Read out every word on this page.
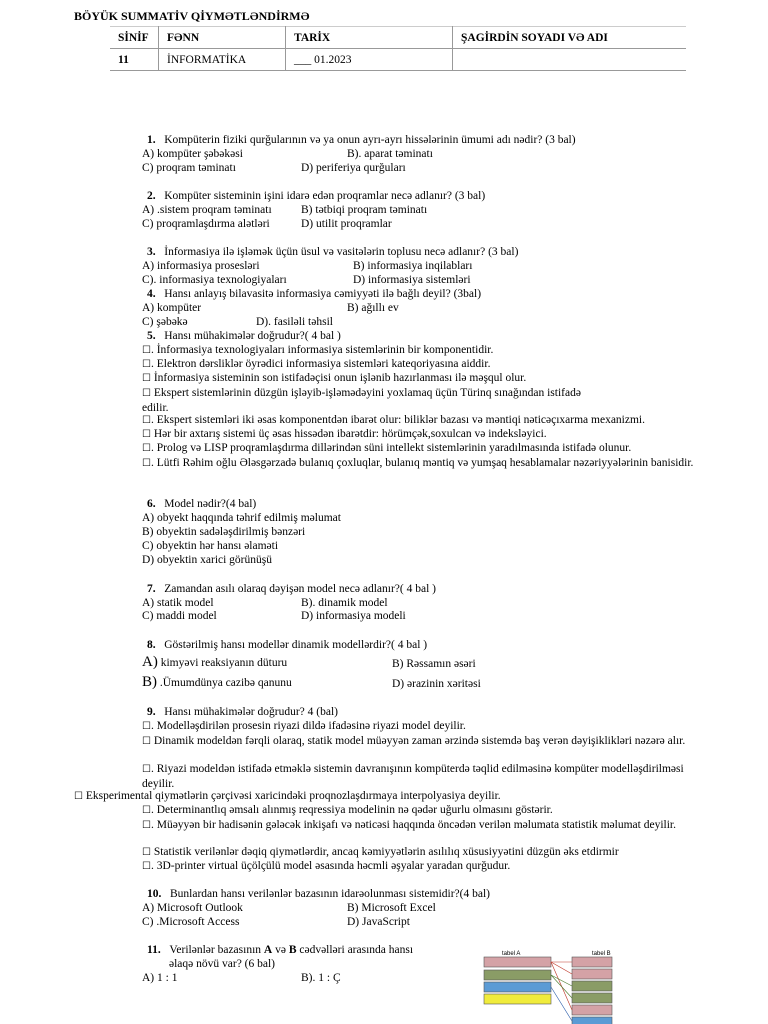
BÖYÜK SUMMATİV QİYMƏTLƏNDİRMƏ
SİNİF	FƏNN	TARİX	ŞAGİRDİN SOYADI VƏ ADI
11	İNFORMATİKA	___ 01.2023	
1. Kompüterin fiziki qurğularının və ya onun ayrı-ayrı hissələrinin ümumi adı nədir? (3 bal)
A) kompüter şəbəkəsi	B). aparat təminatı
C) proqram təminatı	D) periferiya qurğuları
2. Kompüter sisteminin işini idarə edən proqramlar necə adlanır? (3 bal)
A) .sistem proqram təminatı	B) tətbiqi proqram təminatı
C) proqramlaşdırma alətləri	D) utilit proqramlar
3. İnformasiya ilə işləmək üçün üsul və vasitələrin toplusu necə adlanır? (3 bal)
A) informasiya prosesləri	B) informasiya inqilabları
C). informasiya texnologiyaları	D) informasiya sistemləri
4. Hansı anlayış bilavasitə informasiya cəmiyyəti ilə bağlı deyil? (3bal)
A) kompüter	B) ağıllı ev
C) şəbəkə	D). fasiləli təhsil
5. Hansı mühakimələr doğrudur?( 4 bal )
☐. İnformasiya texnologiyaları informasiya sistemlərinin bir komponentidir.
☐. Elektron dərsliklər öyrədici informasiya sistemləri kateqoriyasına aiddir.
☐ İnformasiya sisteminin son istifadəçisi onun işlənib hazırlanması ilə məşqul olur.
☐ Ekspert sistemlərinin düzgün işləyib-işləmədəyini yoxlamaq üçün Türinq sınağından istifadə edilir.
☐. Ekspert sistemləri iki əsas komponentdən ibarət olur: biliklər bazası və məntiqi nəticəçıxarma mexanizmi.
☐ Hər bir axtarış sistemi üç əsas hissədən ibarətdir: hörümçək,soxulcan və indeksləyici.
☐. Prolog və LISP proqramlaşdırma dillərindən süni intellekt sistemlərinin yaradılmasında istifadə olunur.
☐. Lütfi Rəhim oğlu Ələsgərzadə bulanıq çoxluqlar, bulanıq məntiq və yumşaq hesablamalar nəzəriyyələrinin banisidir.
6. Model nədir?(4 bal)
A) obyekt haqqında təhrif edilmiş məlumat
B) obyektin sadələşdirilmiş bənzəri
C) obyektin hər hansı əlaməti
D) obyektin xarici görünüşü
7. Zamandan asılı olaraq dəyişən model necə adlanır?( 4 bal )
A) statik model	B). dinamik model
C) maddi model	D) informasiya modeli
8. Göstərilmiş hansı modellər dinamik modellərdir?( 4 bal )
A) kimyəvi reaksiyanın düturu	B) Rəssamın əsəri
B) .Ümumdünya cazibə qanunu	D) ərazinin xəritəsi
9. Hansı mühakimələr doğrudur? 4 (bal)
☐. Modelləşdirilən prosesin riyazi dildə ifadəsinə riyazi model deyilir.
☐ Dinamik modeldən fərqli olaraq, statik model müəyyən zaman ərzində sistemdə baş verən dəyişiklikləri nəzərə alır.
☐. Riyazi modeldən istifadə etməklə sistemin davranışının kompüterdə təqlid edilməsinə kompüter modelləşdirilməsi deyilir.
☐ Eksperimental qiymətlərin çərçivəsi xaricindəki proqnozlaşdırmaya interpolyasiya deyilir.
☐. Determinantlıq əmsalı alınmış reqressiya modelinin nə qədər uğurlu olmasını göstərir.
☐. Müəyyən bir hadisənin gələcək inkişafı və nəticəsi haqqında öncədən verilən məlumata statistik məlumat deyilir.
☐ Statistik verilənlər dəqiq qiymətlərdir, ancaq kəmiyyətlərin asılılıq xüsusiyyətini düzgün əks etdirmir
☐. 3D-printer virtual üçölçülü model əsasında həcmli əşyalar yaradan qurğudur.
10. Bunlardan hansı verilənlər bazasının idarəolunması sistemidir?(4 bal)
A) Microsoft Outlook	B) Microsoft Excel
C) .Microsoft Access	D) JavaScript
11. Verilənlər bazasının A və B cədvəlləri arasında hansı
əlaqə növü var? (6 bal)
A) 1 : 1	B). 1 : Ç
tabel A	tabel B
